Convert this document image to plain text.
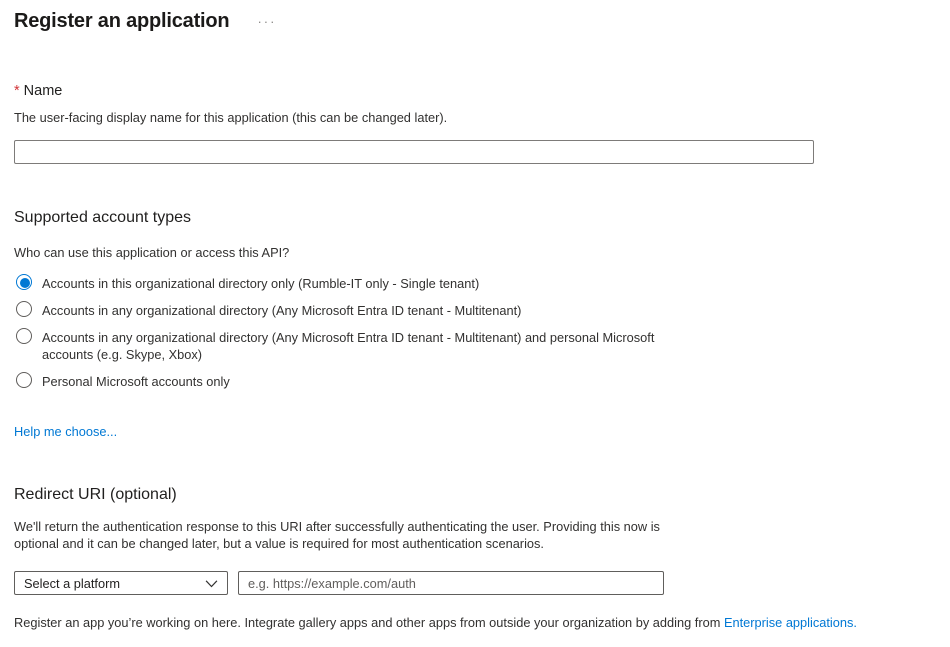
Register an application ···
* Name
The user-facing display name for this application (this can be changed later).
Supported account types
Who can use this application or access this API?
Accounts in this organizational directory only (Rumble-IT only - Single tenant)
Accounts in any organizational directory (Any Microsoft Entra ID tenant - Multitenant)
Accounts in any organizational directory (Any Microsoft Entra ID tenant - Multitenant) and personal Microsoft accounts (e.g. Skype, Xbox)
Personal Microsoft accounts only
Help me choose...
Redirect URI (optional)
We'll return the authentication response to this URI after successfully authenticating the user. Providing this now is optional and it can be changed later, but a value is required for most authentication scenarios.
Select a platform
e.g. https://example.com/auth
Register an app you’re working on here. Integrate gallery apps and other apps from outside your organization by adding from Enterprise applications.
